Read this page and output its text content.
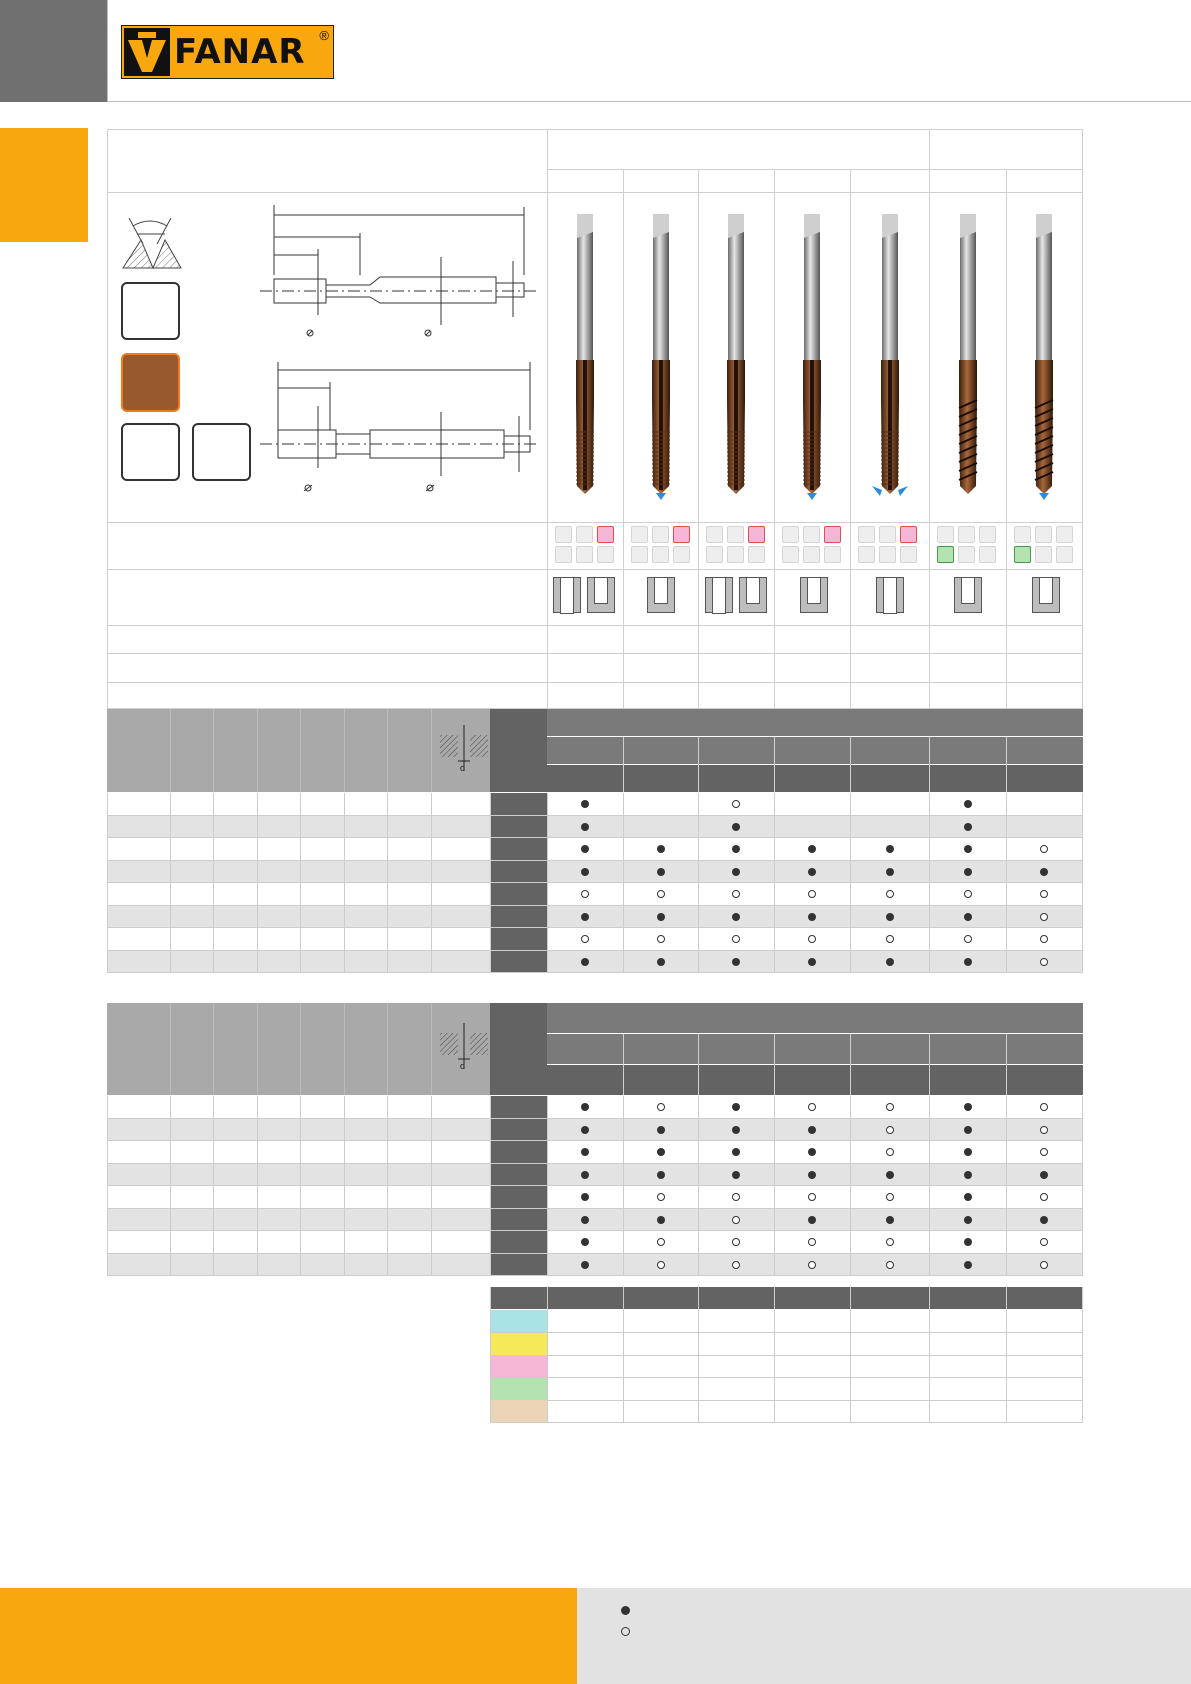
FANAR ®
d
d
